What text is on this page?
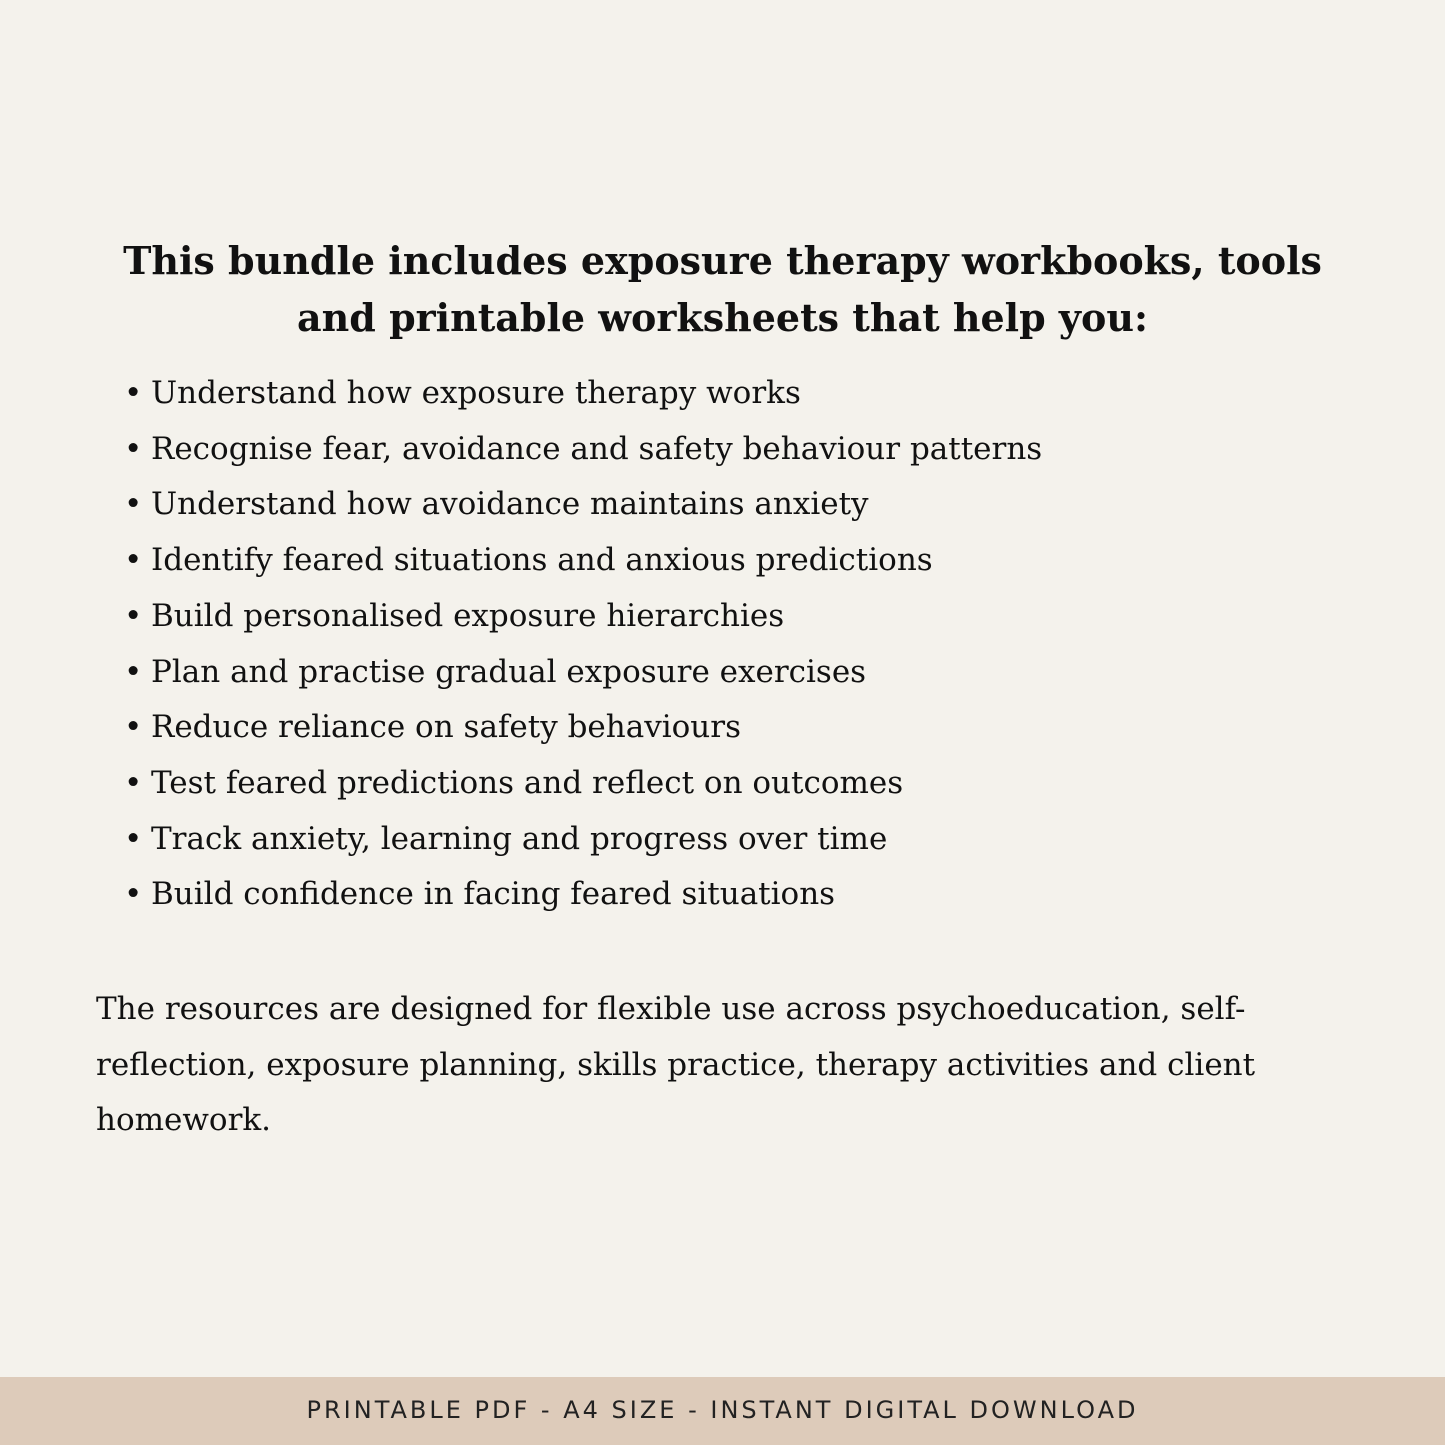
This bundle includes exposure therapy workbooks, tools and printable worksheets that help you:
• Understand how exposure therapy works
• Recognise fear, avoidance and safety behaviour patterns
• Understand how avoidance maintains anxiety
• Identify feared situations and anxious predictions
• Build personalised exposure hierarchies
• Plan and practise gradual exposure exercises
• Reduce reliance on safety behaviours
• Test feared predictions and reflect on outcomes
• Track anxiety, learning and progress over time
• Build confidence in facing feared situations

The resources are designed for flexible use across psychoeducation, self-reflection, exposure planning, skills practice, therapy activities and client homework.

PRINTABLE PDF - A4 SIZE - INSTANT DIGITAL DOWNLOAD
